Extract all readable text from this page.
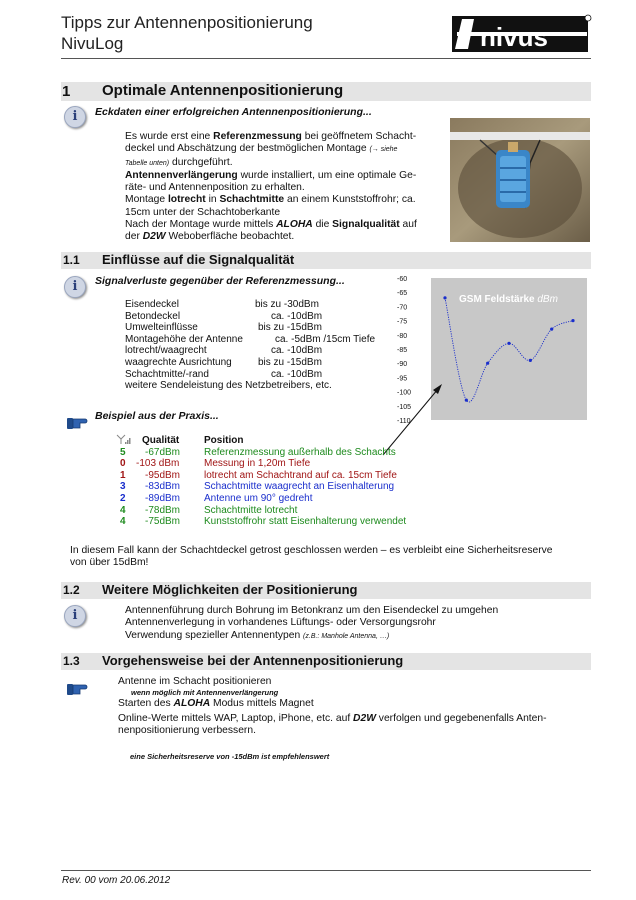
Tipps zur Antennenpositionierung
NivuLog	nivus
1 Optimale Antennenpositionierung
i	Eckdaten einer erfolgreichen Antennenpositionierung...
Es wurde erst eine Referenzmessung bei geöffnetem Schacht-
deckel und Abschätzung der bestmöglichen Montage (→ siehe
Tabelle unten) durchgeführt.
Antennenverlängerung wurde installiert, um eine optimale Ge-
räte- und Antennenposition zu erhalten.
Montage lotrecht in Schachtmitte an einem Kunststoffrohr; ca.
15cm unter der Schachtoberkante
Nach der Montage wurde mittels ALOHA die Signalqualität auf
der D2W Weboberfläche beobachtet.
1.1 Einflüsse auf die Signalqualität
i	Signalverluste gegenüber der Referenzmessung...
Eisendeckel	bis zu -30dBm
Betondeckel	ca. -10dBm
Umwelteinflüsse	bis zu -15dBm
Montagehöhe der Antenne	ca. -5dBm /15cm Tiefe
lotrecht/waagrecht	ca. -10dBm
waagrechte Ausrichtung	bis zu -15dBm
Schachtmitte/-rand	ca. -10dBm
weitere Sendeleistung des Netzbetreibers, etc.
-60
-65
-70
-75
-80
-85
-90
-95
-100
-105
-110
GSM Feldstärke dBm
Beispiel aus der Praxis...
	Qualität	Position
5	-67dBm	Referenzmessung außerhalb des Schachts
0	-103 dBm	Messung in 1,20m Tiefe
1	-95dBm	lotrecht am Schachtrand auf ca. 15cm Tiefe
3	-83dBm	Schachtmitte waagrecht an Eisenhalterung
2	-89dBm	Antenne um 90° gedreht
4	-78dBm	Schachtmitte lotrecht
4	-75dBm	Kunststoffrohr statt Eisenhalterung verwendet
In diesem Fall kann der Schachtdeckel getrost geschlossen werden – es verbleibt eine Sicherheitsreserve
von über 15dBm!
1.2 Weitere Möglichkeiten der Positionierung
i	Antennenführung durch Bohrung im Betonkranz um den Eisendeckel zu umgehen
Antennenverlegung in vorhandenes Lüftungs- oder Versorgungsrohr
Verwendung spezieller Antennentypen (z.B.: Manhole Antenna, …)
1.3 Vorgehensweise bei der Antennenpositionierung
Antenne im Schacht positionieren
wenn möglich mit Antennenverlängerung
Starten des ALOHA Modus mittels Magnet
Online-Werte mittels WAP, Laptop, iPhone, etc. auf D2W verfolgen und gegebenenfalls Anten-
nenpositionierung verbessern.
eine Sicherheitsreserve von -15dBm ist empfehlenswert
Rev. 00 vom 20.06.2012
